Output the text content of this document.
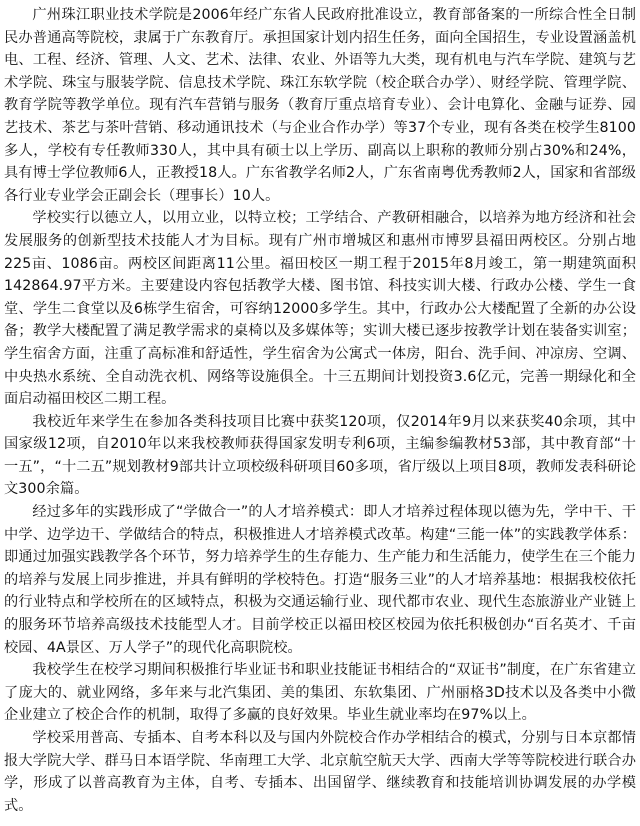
广州珠江职业技术学院是2006年经广东省人民政府批准设立，教育部备案的一所综合性全日制民办普通高等院校，隶属于广东教育厅。承担国家计划内招生任务，面向全国招生，专业设置涵盖机电、工程、经济、管理、人文、艺术、法律、农业、外语等九大类，现有机电与汽车学院、建筑与艺术学院、珠宝与服装学院、信息技术学院、珠江东软学院（校企联合办学）、财经学院、管理学院、教育学院等教学单位。现有汽车营销与服务（教育厅重点培育专业）、会计电算化、金融与证券、园艺技术、茶艺与茶叶营销、移动通讯技术（与企业合作办学）等37个专业，现有各类在校学生8100多人，学校有专任教师330人，其中具有硕士以上学历、副高以上职称的教师分别占30%和24%，具有博士学位教师6人，正教授18人。广东省教学名师2人，广东省南粤优秀教师2人，国家和省部级各行业专业学会正副会长（理事长）10人。

学校实行以德立人，以用立业，以特立校；工学结合、产教研相融合，以培养为地方经济和社会发展服务的创新型技术技能人才为目标。现有广州市增城区和惠州市博罗县福田两校区。分别占地225亩、1086亩。两校区间距离11公里。福田校区一期工程于2015年8月竣工，第一期建筑面积142864.97平方米。主要建设内容包括教学大楼、图书馆、科技实训大楼、行政办公楼、学生一食堂、学生二食堂以及6栋学生宿舍，可容纳12000多学生。其中，行政办公大楼配置了全新的办公设备；教学大楼配置了满足教学需求的桌椅以及多媒体等；实训大楼已逐步按教学计划在装备实训室；学生宿舍方面，注重了高标准和舒适性，学生宿舍为公寓式一体房，阳台、洗手间、冲凉房、空调、中央热水系统、全自动洗衣机、网络等设施俱全。十三五期间计划投资3.6亿元，完善一期绿化和全面启动福田校区二期工程。

我校近年来学生在参加各类科技项目比赛中获奖120项，仅2014年9月以来获奖40余项，其中国家级12项，自2010年以来我校教师获得国家发明专利6项，主编参编教材53部，其中教育部“十一五”，“十二五”规划教材9部共计立项校级科研项目60多项，省厅级以上项目8项，教师发表科研论文300余篇。

经过多年的实践形成了“学做合一”的人才培养模式：即人才培养过程体现以德为先，学中干、干中学、边学边干、学做结合的特点，积极推进人才培养模式改革。构建“三能一体”的实践教学体系：即通过加强实践教学各个环节，努力培养学生的生存能力、生产能力和生活能力，使学生在三个能力的培养与发展上同步推进，并具有鲜明的学校特色。打造“服务三业”的人才培养基地：根据我校依托的行业特点和学校所在的区域特点，积极为交通运输行业、现代都市农业、现代生态旅游业产业链上的服务环节培养高级技术技能型人才。目前学校正以福田校区校园为依托积极创办“百名英才、千亩校园、4A景区、万人学子”的现代化高职院校。

我校学生在校学习期间积极推行毕业证书和职业技能证书相结合的“双证书”制度，在广东省建立了庞大的、就业网络，多年来与北汽集团、美的集团、东软集团、广州丽格3D技术以及各类中小微企业建立了校企合作的机制，取得了多赢的良好效果。毕业生就业率均在97%以上。

学校采用普高、专插本、自考本科以及与国内外院校合作办学相结合的模式，分别与日本京都情报大学院大学、群马日本语学院、华南理工大学、北京航空航天大学、西南大学等等院校进行联合办学，形成了以普高教育为主体，自考、专插本、出国留学、继续教育和技能培训协调发展的办学模式。
